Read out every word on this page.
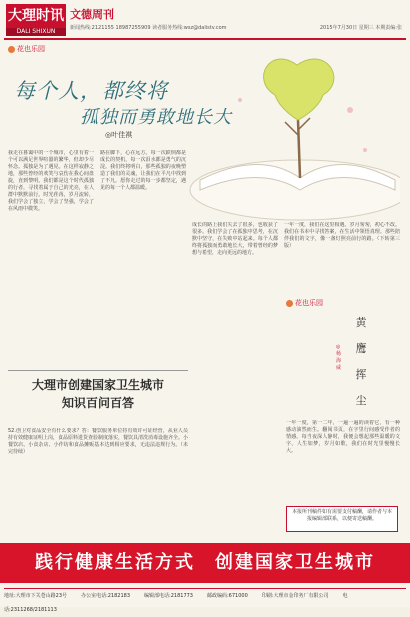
大理时讯
DALI SHIXUN
文德周刊
新闻热线:2121155 18987255909 读者服务热线:wsz@dalistv.com	2015年7月30日 星期三 本期责编:张
花也乐园
每个人，都终将
孤独而勇敢地长大
◎叶佳祺
我走在暮霭中的一个城市，心里有着一个可以满足世界喧嚣的繁华，但却少尽怀念。孤独是为了遇见。在这样寂静之地，那些曾经的欢笑与哀伤在我心间盘旋，直到黎明。我们都是这个时代孤独的行者，寻找着属于自己的光亮，在人群中默默前行。时光荏苒，岁月流转，我们学会了独立，学会了坚强，学会了在风雨中微笑。
路在脚下，心在远方。每一次跌倒都是成长的契机，每一次泪水都是勇气的沉淀。我们终将明白，那些孤独的夜晚塑造了我们的灵魂，让我们在平凡中找到了不凡。愿你走过的每一步都坚定，遇见的每一个人都温暖。
成长的路上我们失去了很多，也收获了很多。我们学会了在孤独中思考，在沉默中坚守，在失败中站起来。每个人都终将孤独而勇敢地长大，带着曾经的梦想与希望，走向更远的地方。
大理市创建国家卫生城市
知识百问百答
52.创卫对食品安全有什么要求？答：餐饮服务单位持有效许可证经营，从业人员持有效健康证明上岗，食品原料进货查验制度落实，餐饮具清洗消毒设施齐全。小餐饮店、小食杂店、小作坊和食品摊贩基本达到相应要求，无违法违规行为。（未完待续）
一年一度，我们在这里相遇。岁月匆匆，初心不改。我们在书本中寻找答案，在生活中领悟真理。那些陪伴我们的文字，像一盏灯照亮前行的路。（下转第三版）
花也乐园
黄鹰挥尘
◎杨海威
一年一度，第一二年，一遍一遍的读着它，有一种感动油然而生。翻阅书页，在字里行间感受作者的情感。每当夜深人静时，我便会想起那些温暖的文字。人生如梦，岁月如歌，我们在时光里慢慢长大。
本报所刊稿件如有需要支付稿酬，请作者与本报编辑部联系，以便寄送稿酬。
践行健康生活方式　创建国家卫生城市
地址:大理市下关苍山路23号	办公室电话:2182183	编辑部电话:2181773	邮政编码:671000	印刷:大理市金印务厂有限公司	电话:2311268/2181113
